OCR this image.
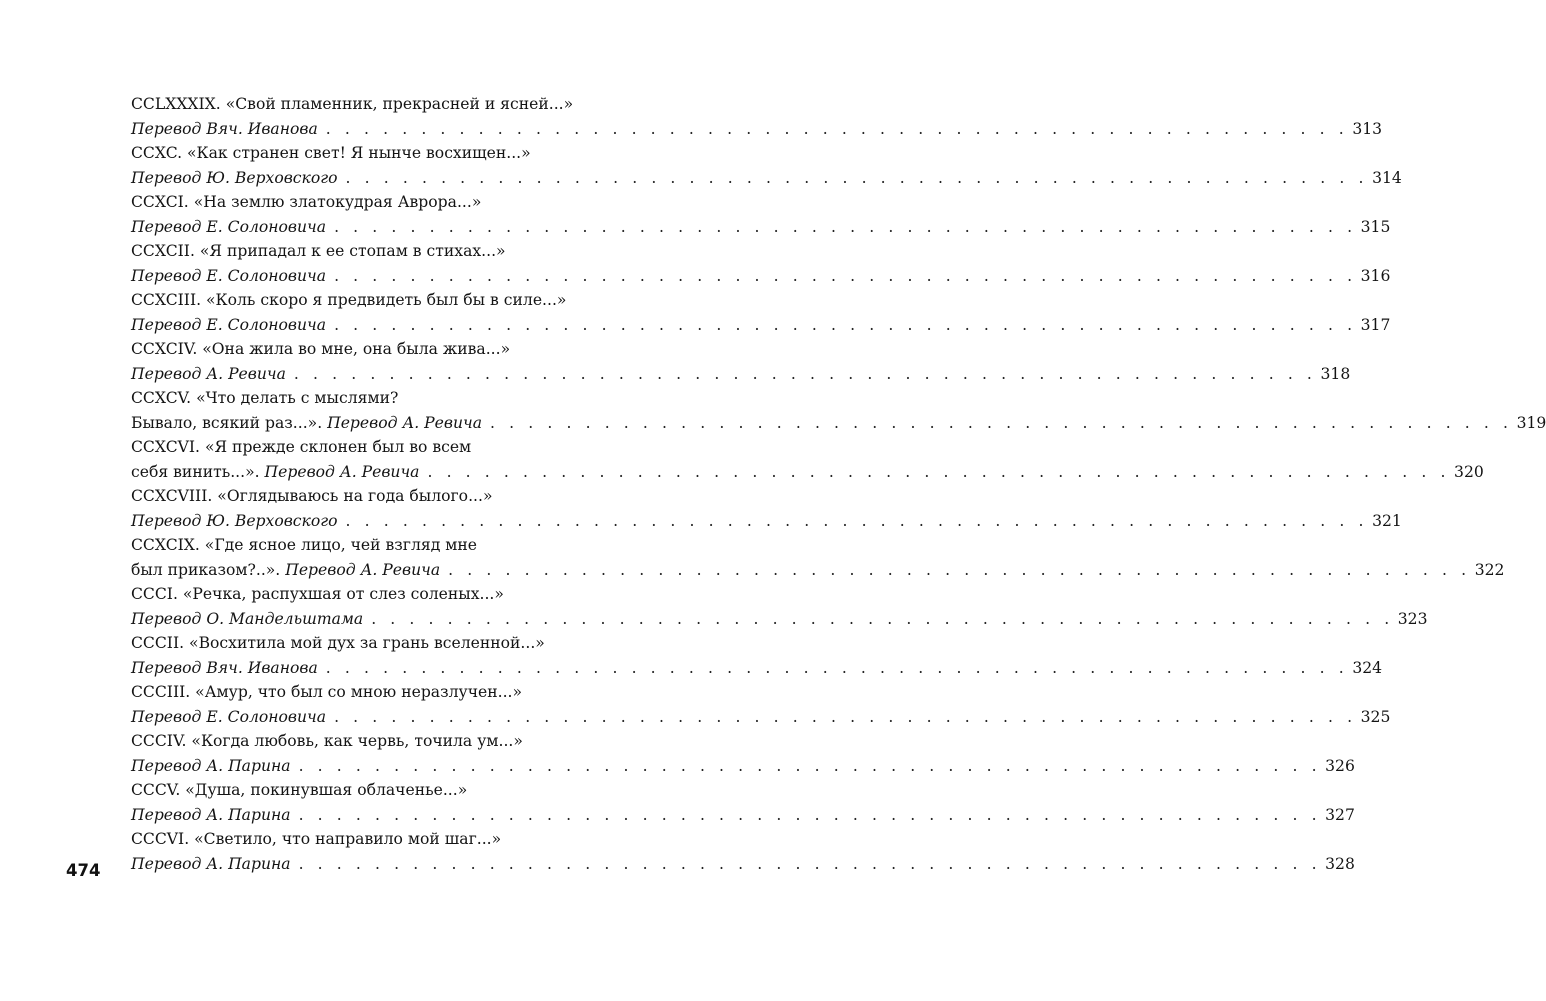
CCLXXXIX. «Свой пламенник, прекрасней и ясней...»
Перевод Вяч. Иванова . . . . . . . . . . . . . . . . . . . . . . . . . . . . . . . . . . . . . . . . . . . . . . . . . . . . . . 313
CCXC. «Как странен свет! Я нынче восхищен...»
Перевод Ю. Верховского . . . . . . . . . . . . . . . . . . . . . . . . . . . . . . . . . . . . . . . . . . . . . . . . . . . . . . 314
CCXCI. «На землю златокудрая Аврора...»
Перевод Е. Солоновича . . . . . . . . . . . . . . . . . . . . . . . . . . . . . . . . . . . . . . . . . . . . . . . . . . . . . . 315
CCXCII. «Я припадал к ее стопам в стихах...»
Перевод Е. Солоновича . . . . . . . . . . . . . . . . . . . . . . . . . . . . . . . . . . . . . . . . . . . . . . . . . . . . . . 316
CCXCIII. «Коль скоро я предвидеть был бы в силе...»
Перевод Е. Солоновича . . . . . . . . . . . . . . . . . . . . . . . . . . . . . . . . . . . . . . . . . . . . . . . . . . . . . . 317
CCXCIV. «Она жила во мне, она была жива...»
Перевод А. Ревича . . . . . . . . . . . . . . . . . . . . . . . . . . . . . . . . . . . . . . . . . . . . . . . . . . . . . . 318
CCXCV. «Что делать с мыслями?
Бывало, всякий раз...». Перевод А. Ревича . . . . . . . . . . . . . . . . . . . . . . . . . . . . . . . . . . . . . . . . . . . . . . . . . . . . . . 319
CCXCVI. «Я прежде склонен был во всем
себя винить...». Перевод А. Ревича . . . . . . . . . . . . . . . . . . . . . . . . . . . . . . . . . . . . . . . . . . . . . . . . . . . . . . 320
CCXCVIII. «Оглядываюсь на года былого...»
Перевод Ю. Верховского . . . . . . . . . . . . . . . . . . . . . . . . . . . . . . . . . . . . . . . . . . . . . . . . . . . . . . 321
CCXCIX. «Где ясное лицо, чей взгляд мне
был приказом?..». Перевод А. Ревича . . . . . . . . . . . . . . . . . . . . . . . . . . . . . . . . . . . . . . . . . . . . . . . . . . . . . . 322
CCCI. «Речка, распухшая от слез соленых...»
Перевод О. Мандельштама . . . . . . . . . . . . . . . . . . . . . . . . . . . . . . . . . . . . . . . . . . . . . . . . . . . . . . 323
CCCII. «Восхитила мой дух за грань вселенной...»
Перевод Вяч. Иванова . . . . . . . . . . . . . . . . . . . . . . . . . . . . . . . . . . . . . . . . . . . . . . . . . . . . . . 324
CCCIII. «Амур, что был со мною неразлучен...»
Перевод Е. Солоновича . . . . . . . . . . . . . . . . . . . . . . . . . . . . . . . . . . . . . . . . . . . . . . . . . . . . . . 325
CCCIV. «Когда любовь, как червь, точила ум...»
Перевод А. Парина . . . . . . . . . . . . . . . . . . . . . . . . . . . . . . . . . . . . . . . . . . . . . . . . . . . . . . 326
CCCV. «Душа, покинувшая облаченье...»
Перевод А. Парина . . . . . . . . . . . . . . . . . . . . . . . . . . . . . . . . . . . . . . . . . . . . . . . . . . . . . . 327
CCCVI. «Светило, что направило мой шаг...»
Перевод А. Парина . . . . . . . . . . . . . . . . . . . . . . . . . . . . . . . . . . . . . . . . . . . . . . . . . . . . . . 328
474
